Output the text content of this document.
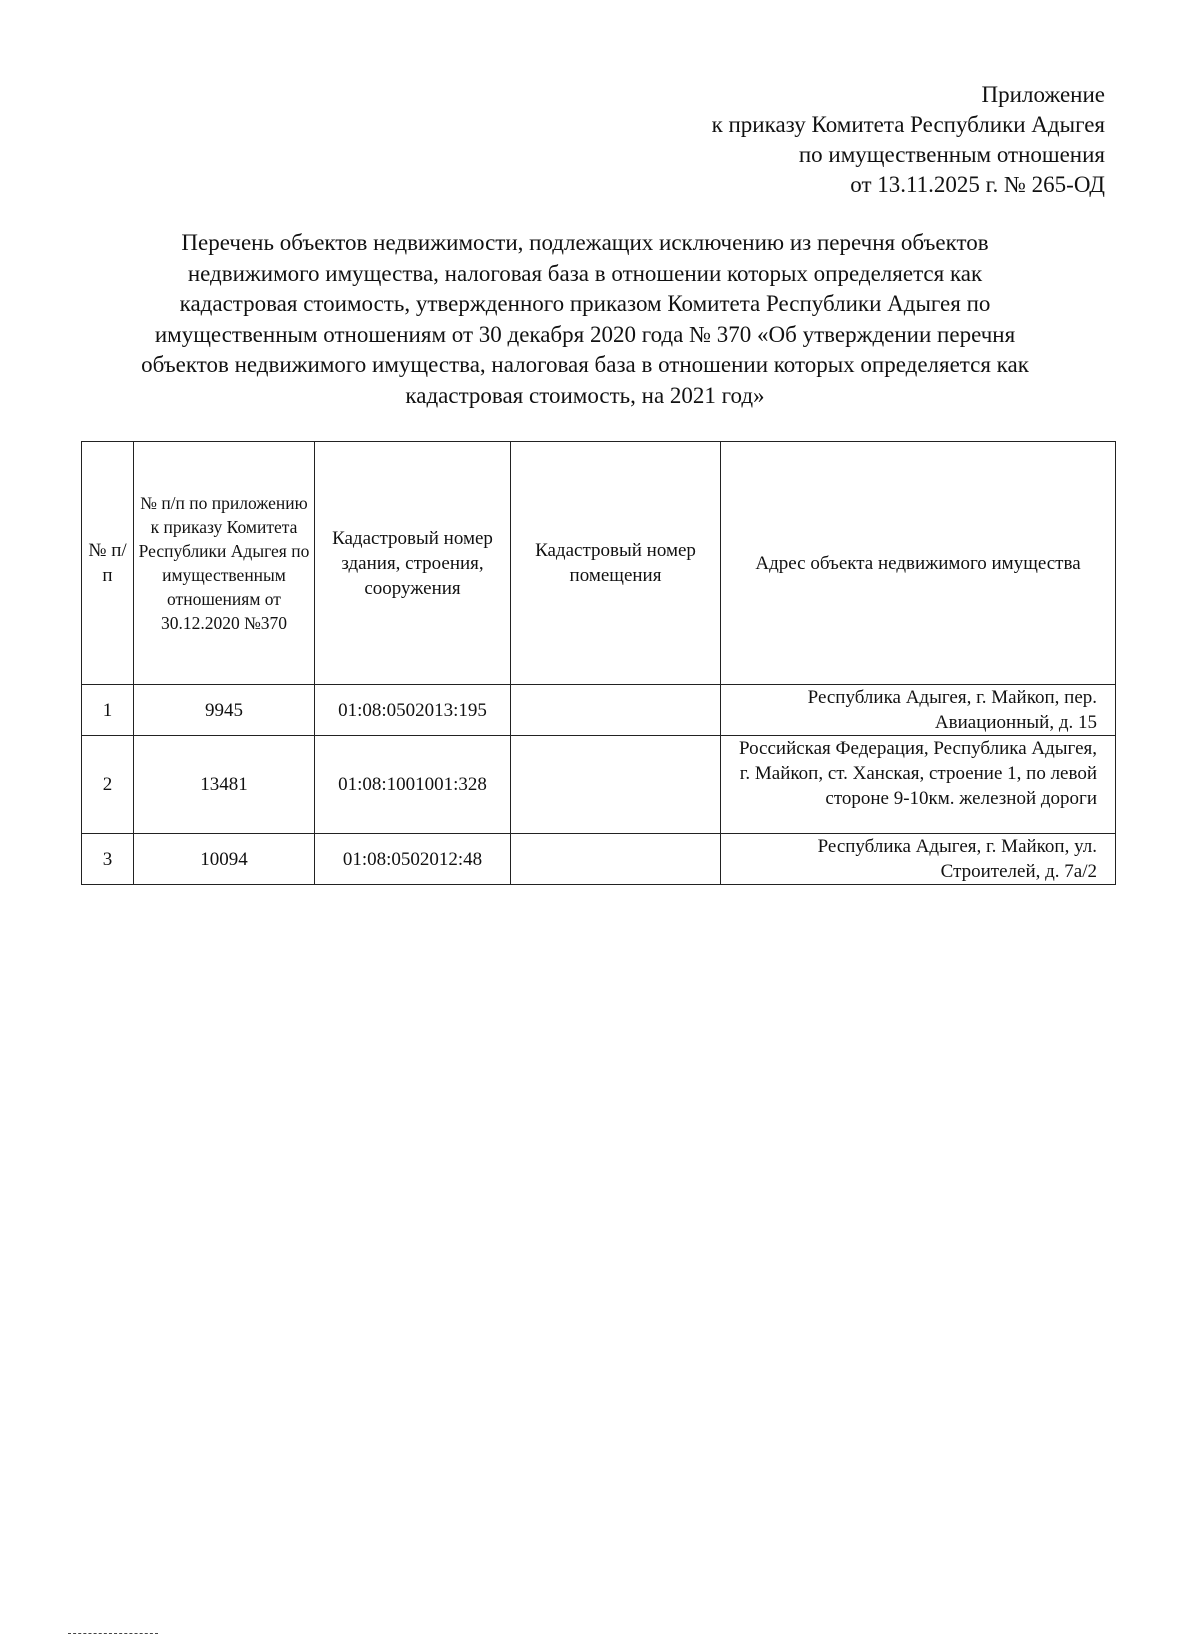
Приложение
к приказу Комитета Республики Адыгея
по имущественным отношения
от 13.11.2025 г. № 265-ОД
Перечень объектов недвижимости, подлежащих исключению из перечня объектов
недвижимого имущества, налоговая база в отношении которых определяется как
кадастровая стоимость, утвержденного приказом Комитета Республики Адыгея по
имущественным отношениям от 30 декабря 2020 года № 370 «Об утверждении перечня
объектов недвижимого имущества, налоговая база в отношении которых определяется как
кадастровая стоимость, на 2021 год»
№ п/п	№ п/п по приложению к приказу Комитета Республики Адыгея по имущественным отношениям от 30.12.2020 №370	Кадастровый номер здания, строения, сооружения	Кадастровый номер помещения	Адрес объекта недвижимого имущества
1	9945	01:08:0502013:195		Республика Адыгея, г. Майкоп, пер. Авиационный, д. 15
2	13481	01:08:1001001:328		Российская Федерация, Республика Адыгея, г. Майкоп, ст. Ханская, строение 1, по левой стороне 9-10км. железной дороги
3	10094	01:08:0502012:48		Республика Адыгея, г. Майкоп, ул. Строителей, д. 7а/2
